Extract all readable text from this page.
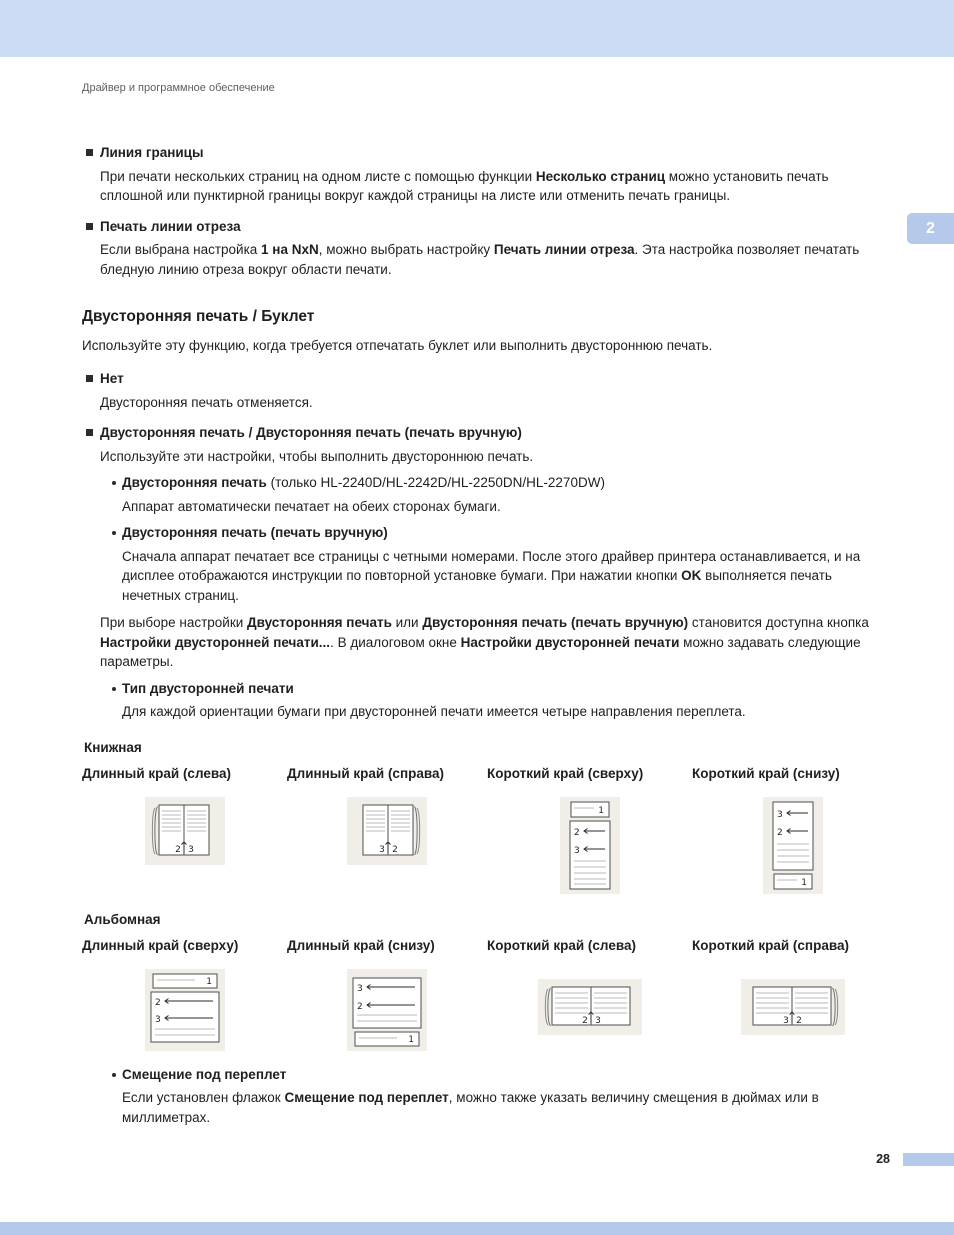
Драйвер и программное обеспечение
2
Линия границы

При печати нескольких страниц на одном листе с помощью функции Несколько страниц можно установить печать сплошной или пунктирной границы вокруг каждой страницы на листе или отменить печать границы.

Печать линии отреза

Если выбрана настройка 1 на NxN, можно выбрать настройку Печать линии отреза. Эта настройка позволяет печатать бледную линию отреза вокруг области печати.

Двусторонняя печать / Буклет

Используйте эту функцию, когда требуется отпечатать буклет или выполнить двустороннюю печать.

Нет

Двусторонняя печать отменяется.

Двусторонняя печать / Двусторонняя печать (печать вручную)

Используйте эти настройки, чтобы выполнить двустороннюю печать.

Двусторонняя печать (только HL-2240D/HL-2242D/HL-2250DN/HL-2270DW)

Аппарат автоматически печатает на обеих сторонах бумаги.

Двусторонняя печать (печать вручную)

Сначала аппарат печатает все страницы с четными номерами. После этого драйвер принтера останавливается, и на дисплее отображаются инструкции по повторной установке бумаги. При нажатии кнопки OK выполняется печать нечетных страниц.

При выборе настройки Двусторонняя печать или Двусторонняя печать (печать вручную) становится доступна кнопка Настройки двусторонней печати.... В диалоговом окне Настройки двусторонней печати можно задавать следующие параметры.

Тип двусторонней печати

Для каждой ориентации бумаги при двусторонней печати имеется четыре направления переплета.

Книжная
Длинный край (слева)
2 3
Длинный край (справа)
3 2
Короткий край (сверху)
1
2
3
Короткий край (снизу)
3
2
1
Альбомная
Длинный край (сверху)
1
2
3
Длинный край (снизу)
3
2
1
Короткий край (слева)
2 3
Короткий край (справа)
3 2
Смещение под переплет

Если установлен флажок Смещение под переплет, можно также указать величину смещения в дюймах или в миллиметрах.

28
